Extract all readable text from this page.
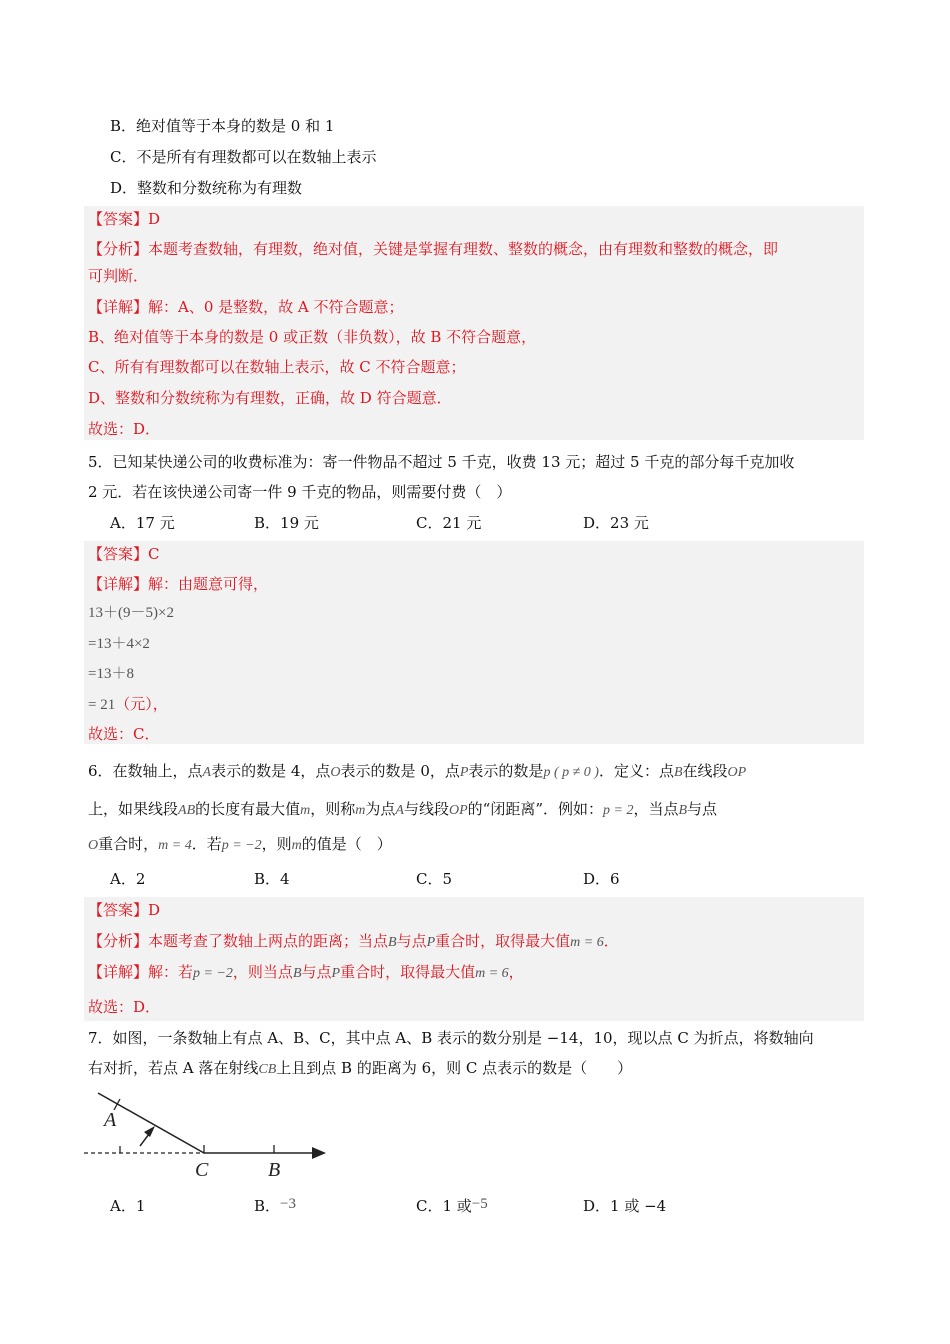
B．绝对值等于本身的数是 0 和 1
C．不是所有有理数都可以在数轴上表示
D．整数和分数统称为有理数
【答案】D
【分析】本题考查数轴，有理数，绝对值，关键是掌握有理数、整数的概念，由有理数和整数的概念，即
可判断．
【详解】解：A、0 是整数，故 A 不符合题意；
B、绝对值等于本身的数是 0 或正数（非负数），故 B 不符合题意，
C、所有有理数都可以在数轴上表示，故 C 不符合题意；
D、整数和分数统称为有理数，正确，故 D 符合题意．
故选：D．
5．已知某快递公司的收费标准为：寄一件物品不超过 5 千克，收费 13 元；超过 5 千克的部分每千克加收
2 元．若在该快递公司寄一件 9 千克的物品，则需要付费（　）
A．17 元	B．19 元	C．21 元	D．23 元
【答案】C
【详解】解：由题意可得，
13＋(9－5)×2
=13＋4×2
=13＋8
= 21（元），
故选：C．
6．在数轴上，点A表示的数是 4，点O表示的数是 0，点P表示的数是p ( p ≠ 0 )．定义：点B在线段OP
上，如果线段AB的长度有最大值m，则称m为点A与线段OP的“闭距离”．例如：p = 2，当点B与点
O重合时，m = 4．若p = −2，则m的值是（　）
A．2	B．4	C．5	D．6
【答案】D
【分析】本题考查了数轴上两点的距离；当点B与点P重合时，取得最大值m = 6．
【详解】解：若p = −2，则当点B与点P重合时，取得最大值m = 6，
故选：D．
7．如图，一条数轴上有点 A、B、C，其中点 A、B 表示的数分别是 −14，10，现以点 C 为折点，将数轴向
右对折，若点 A 落在射线CB上且到点 B 的距离为 6，则 C 点表示的数是（　　）
A
C	B
A．1	B．−3	C．1 或−5	D．1 或 −4
